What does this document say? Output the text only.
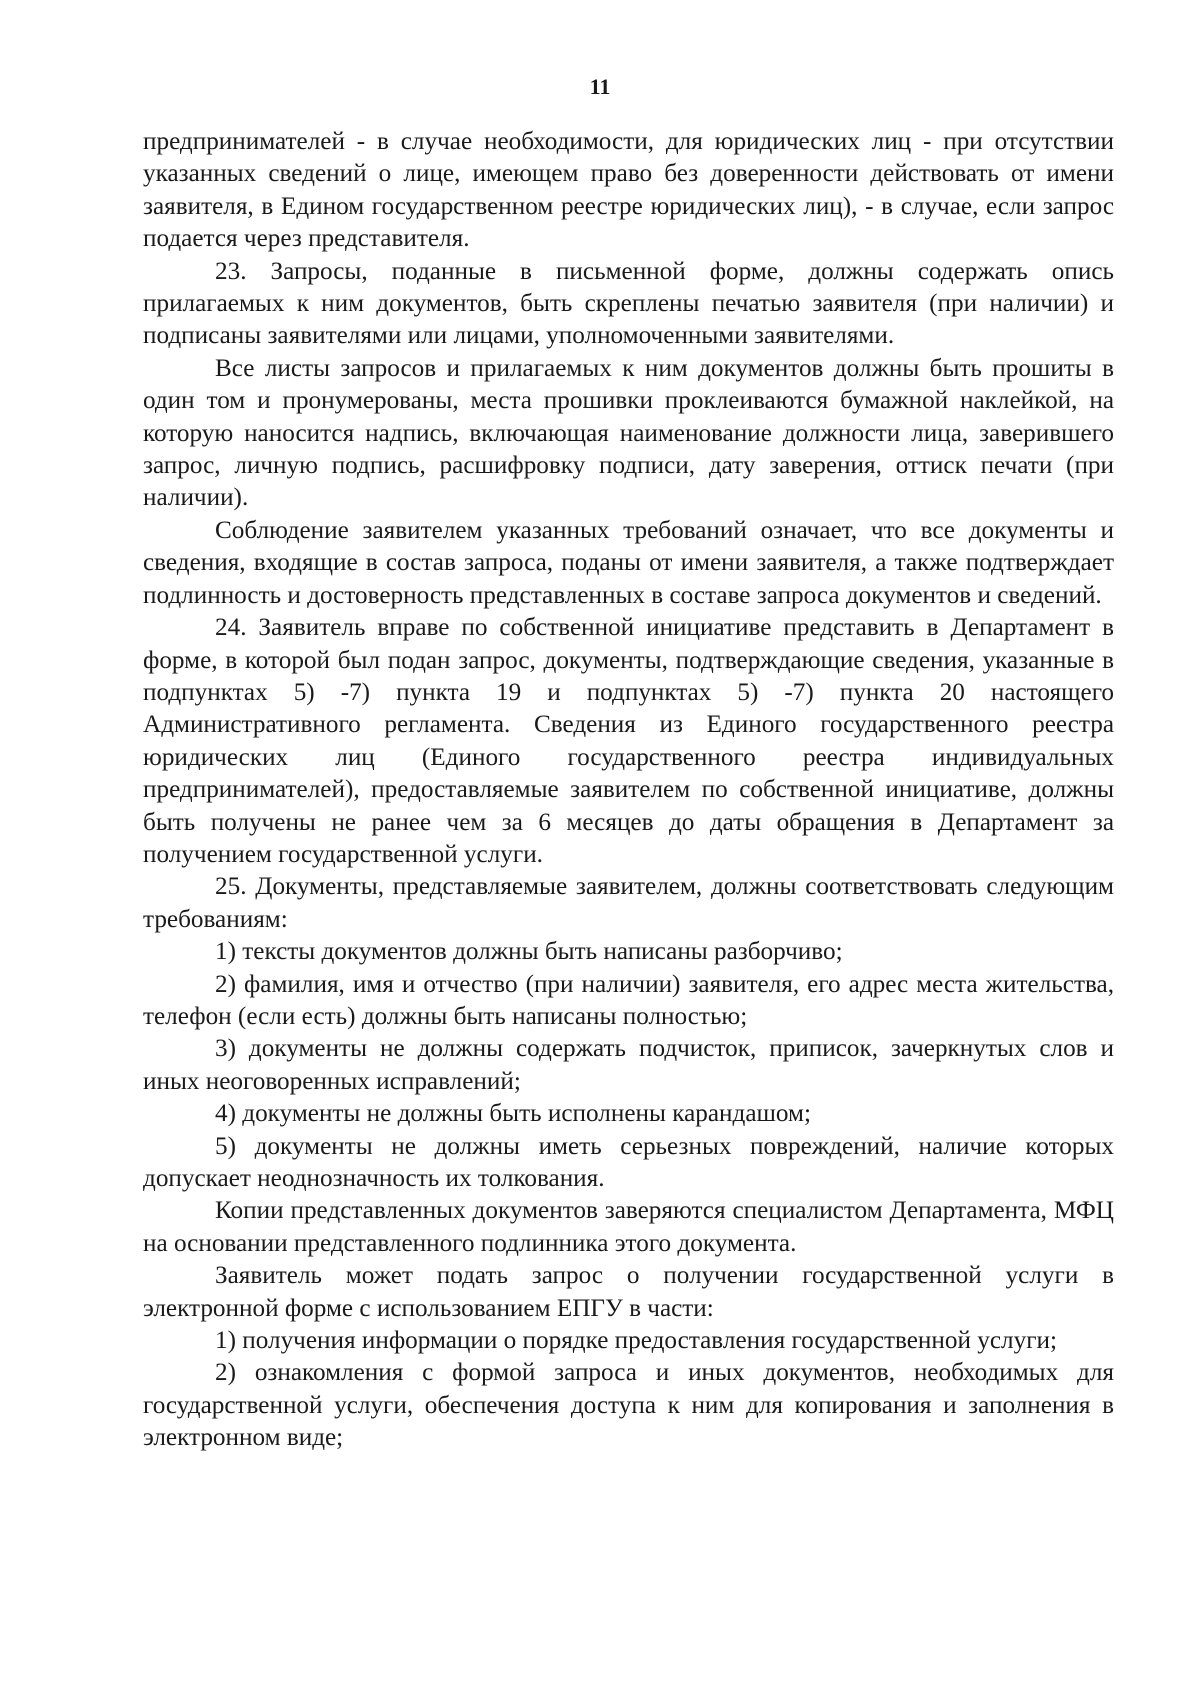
11

предпринимателей - в случае необходимости, для юридических лиц - при отсутствии указанных сведений о лице, имеющем право без доверенности действовать от имени заявителя, в Едином государственном реестре юридических лиц), - в случае, если запрос подается через представителя.

23. Запросы, поданные в письменной форме, должны содержать опись прилагаемых к ним документов, быть скреплены печатью заявителя (при наличии) и подписаны заявителями или лицами, уполномоченными заявителями.

Все листы запросов и прилагаемых к ним документов должны быть прошиты в один том и пронумерованы, места прошивки проклеиваются бумажной наклейкой, на которую наносится надпись, включающая наименование должности лица, заверившего запрос, личную подпись, расшифровку подписи, дату заверения, оттиск печати (при наличии).

Соблюдение заявителем указанных требований означает, что все документы и сведения, входящие в состав запроса, поданы от имени заявителя, а также подтверждает подлинность и достоверность представленных в составе запроса документов и сведений.

24. Заявитель вправе по собственной инициативе представить в Департамент в форме, в которой был подан запрос, документы, подтверждающие сведения, указанные в подпунктах 5) -7) пункта 19 и подпунктах 5) -7) пункта 20 настоящего Административного регламента. Сведения из Единого государственного реестра юридических лиц (Единого государственного реестра индивидуальных предпринимателей), предоставляемые заявителем по собственной инициативе, должны быть получены не ранее чем за 6 месяцев до даты обращения в Департамент за получением государственной услуги.

25. Документы, представляемые заявителем, должны соответствовать следующим требованиям:

1) тексты документов должны быть написаны разборчиво;

2) фамилия, имя и отчество (при наличии) заявителя, его адрес места жительства, телефон (если есть) должны быть написаны полностью;

3) документы не должны содержать подчисток, приписок, зачеркнутых слов и иных неоговоренных исправлений;

4) документы не должны быть исполнены карандашом;

5) документы не должны иметь серьезных повреждений, наличие которых допускает неоднозначность их толкования.

Копии представленных документов заверяются специалистом Департамента, МФЦ на основании представленного подлинника этого документа.

Заявитель может подать запрос о получении государственной услуги в электронной форме с использованием ЕПГУ в части:

1) получения информации о порядке предоставления государственной услуги;

2) ознакомления с формой запроса и иных документов, необходимых для государственной услуги, обеспечения доступа к ним для копирования и заполнения в электронном виде;
